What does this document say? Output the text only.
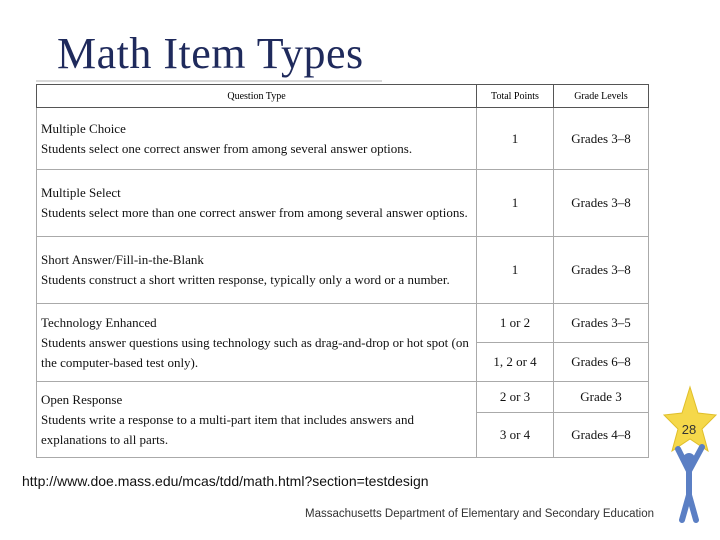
Math Item Types
Question Type	Total Points	Grade Levels

Multiple Choice
Students select one correct answer from among several answer options.	1	Grades 3–8

Multiple Select
Students select more than one correct answer from among several answer options.	1	Grades 3–8

Short Answer/Fill-in-the-Blank
Students construct a short written response, typically only a word or a number.	1	Grades 3–8

Technology Enhanced
Students answer questions using technology such as drag-and-drop or hot spot (on the computer-based test only).	1 or 2	Grades 3–5
	1, 2 or 4	Grades 6–8

Open Response
Students write a response to a multi-part item that includes answers and explanations to all parts.	2 or 3	Grade 3
	3 or 4	Grades 4–8
http://www.doe.mass.edu/mcas/tdd/math.html?section=testdesign
Massachusetts Department of Elementary and Secondary Education
28
